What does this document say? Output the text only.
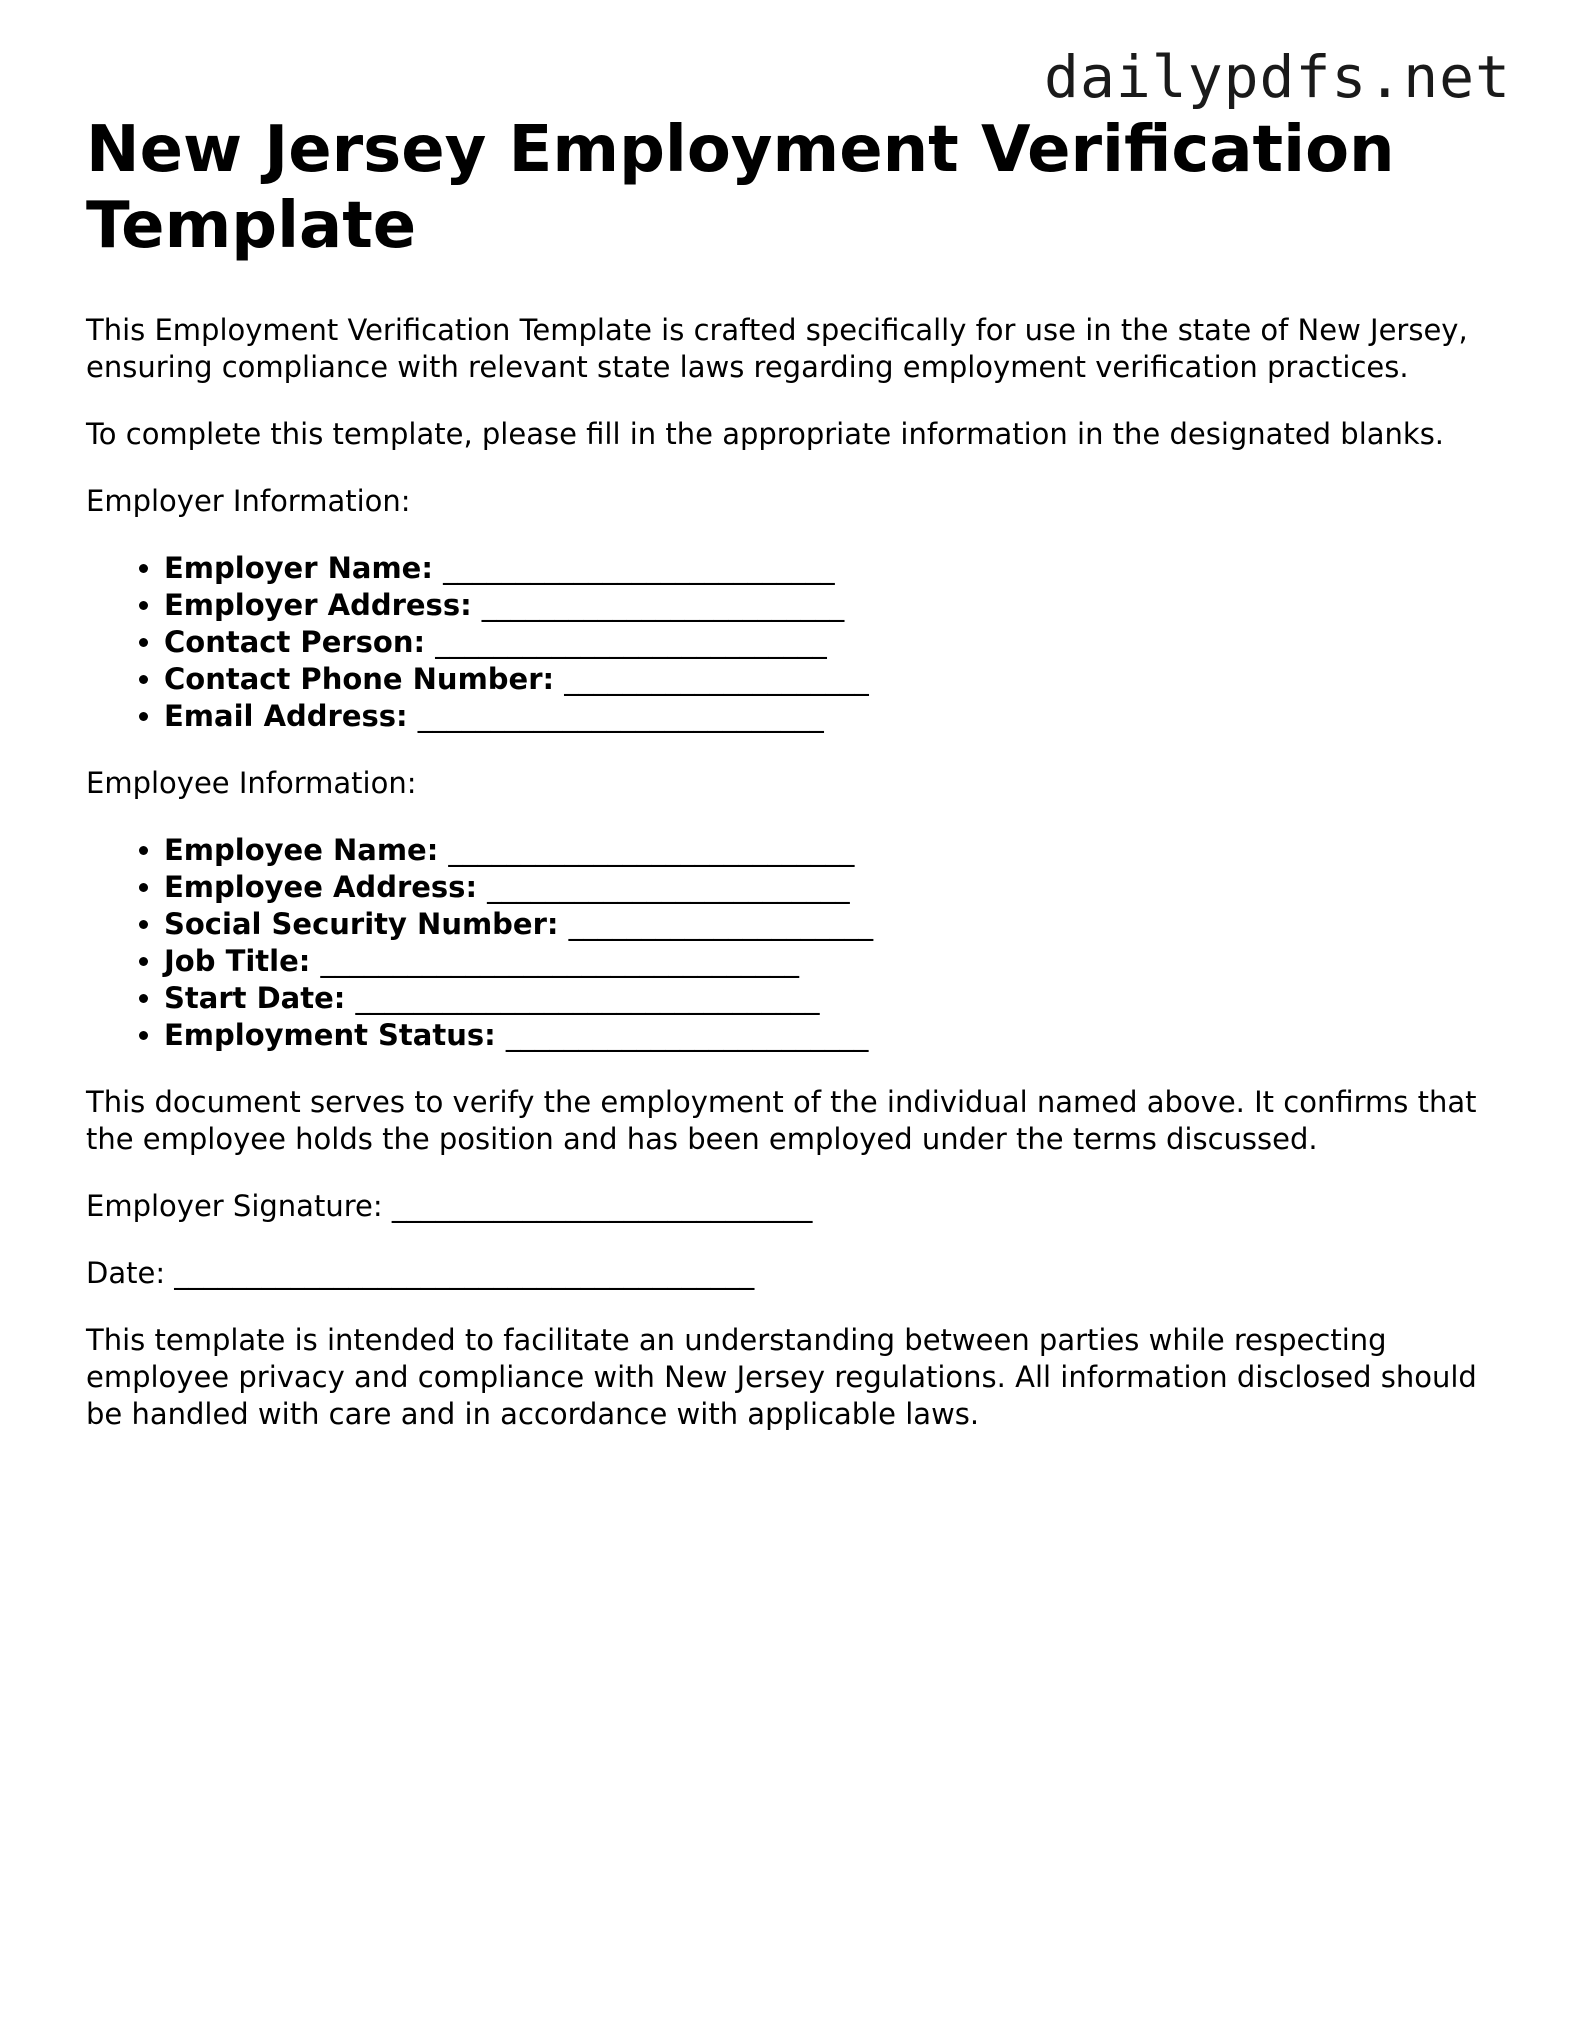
dailypdfs.net
New Jersey Employment Verification Template

This Employment Verification Template is crafted specifically for use in the state of New Jersey, ensuring compliance with relevant state laws regarding employment verification practices.

To complete this template, please fill in the appropriate information in the designated blanks.

Employer Information:

• Employer Name: ___________________________
• Employer Address: _________________________
• Contact Person: ___________________________
• Contact Phone Number: _____________________
• Email Address: ____________________________

Employee Information:

• Employee Name: ____________________________
• Employee Address: _________________________
• Social Security Number: _____________________
• Job Title: _________________________________
• Start Date: ________________________________
• Employment Status: _________________________

This document serves to verify the employment of the individual named above. It confirms that the employee holds the position and has been employed under the terms discussed.

Employer Signature: _____________________________

Date: ________________________________________

This template is intended to facilitate an understanding between parties while respecting employee privacy and compliance with New Jersey regulations. All information disclosed should be handled with care and in accordance with applicable laws.
